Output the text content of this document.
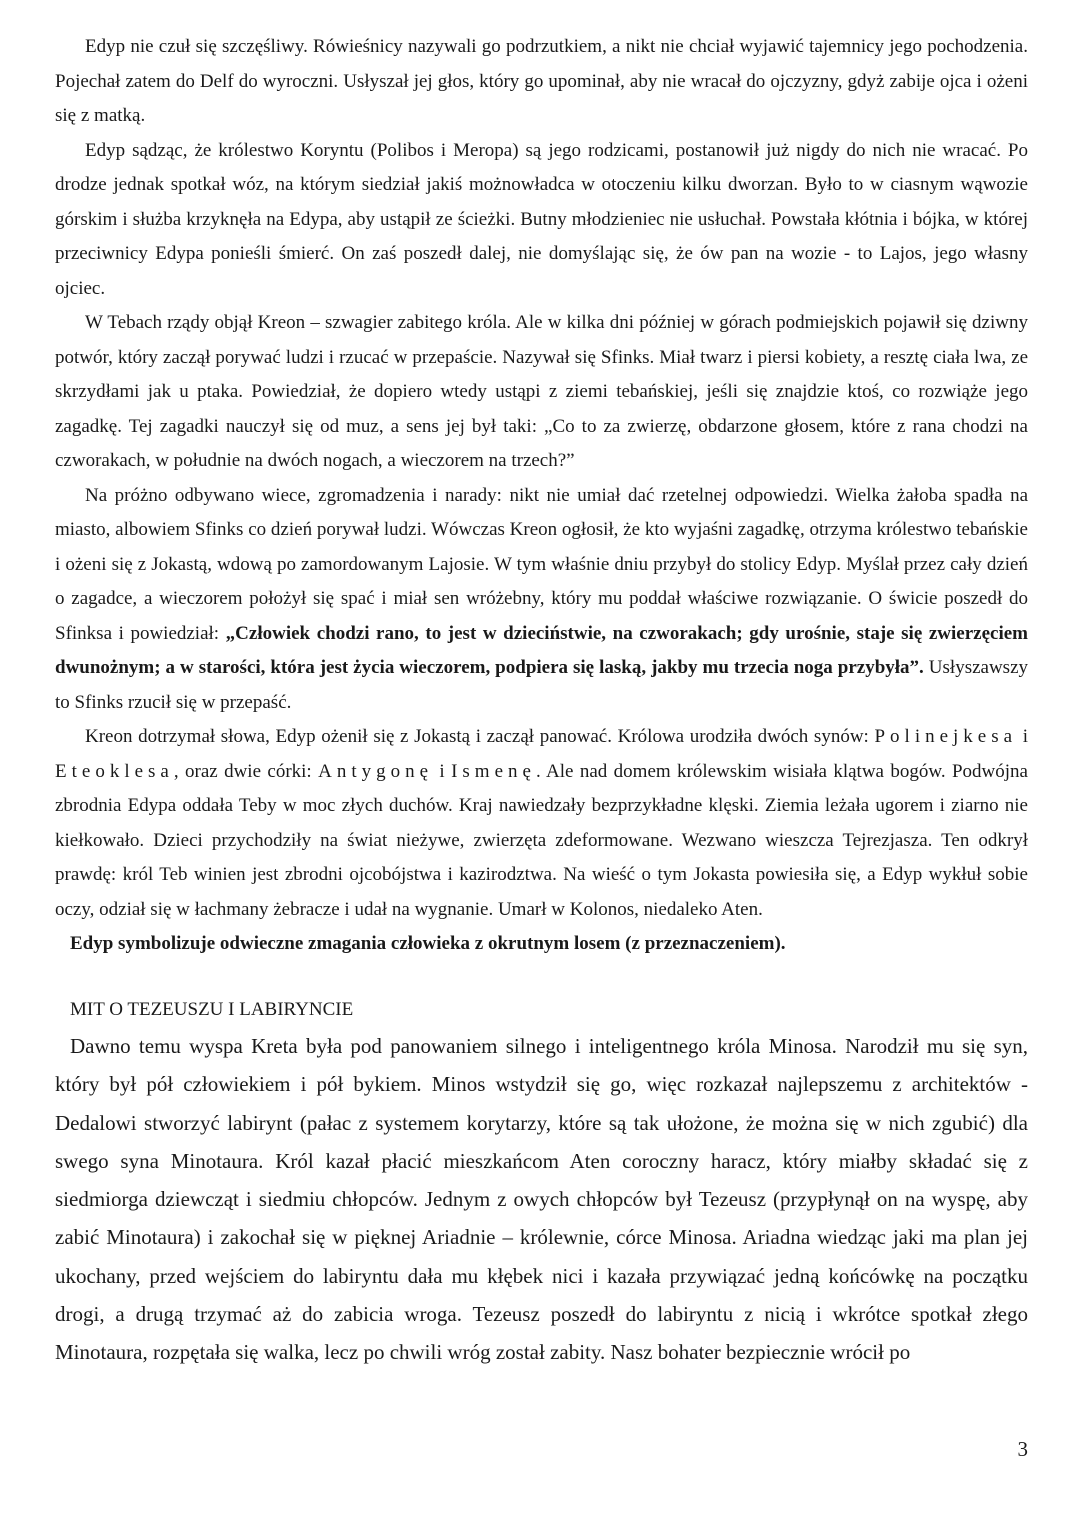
Edyp nie czuł się szczęśliwy. Rówieśnicy nazywali go podrzutkiem, a nikt nie chciał wyjawić tajemnicy jego pochodzenia. Pojechał zatem do Delf do wyroczni. Usłyszał jej głos, który go upominał, aby nie wracał do ojczyzny, gdyż zabije ojca i ożeni się z matką.

Edyp sądząc, że królestwo Koryntu (Polibos i Meropa) są jego rodzicami, postanowił już nigdy do nich nie wracać. Po drodze jednak spotkał wóz, na którym siedział jakiś możnowładca w otoczeniu kilku dworzan. Było to w ciasnym wąwozie górskim i służba krzyknęła na Edypa, aby ustąpił ze ścieżki. Butny młodzieniec nie usłuchał. Powstała kłótnia i bójka, w której przeciwnicy Edypa ponieśli śmierć. On zaś poszedł dalej, nie domyślając się, że ów pan na wozie - to Lajos, jego własny ojciec.

W Tebach rządy objął Kreon – szwagier zabitego króla. Ale w kilka dni później w górach podmiejskich pojawił się dziwny potwór, który zaczął porywać ludzi i rzucać w przepaście. Nazywał się Sfinks. Miał twarz i piersi kobiety, a resztę ciała lwa, ze skrzydłami jak u ptaka. Powiedział, że dopiero wtedy ustąpi z ziemi tebańskiej, jeśli się znajdzie ktoś, co rozwiąże jego zagadkę. Tej zagadki nauczył się od muz, a sens jej był taki: „Co to za zwierzę, obdarzone głosem, które z rana chodzi na czworakach, w południe na dwóch nogach, a wieczorem na trzech?”

Na próżno odbywano wiece, zgromadzenia i narady: nikt nie umiał dać rzetelnej odpowiedzi. Wielka żałoba spadła na miasto, albowiem Sfinks co dzień porywał ludzi. Wówczas Kreon ogłosił, że kto wyjaśni zagadkę, otrzyma królestwo tebańskie i ożeni się z Jokastą, wdową po zamordowanym Lajosie. W tym właśnie dniu przybył do stolicy Edyp. Myślał przez cały dzień o zagadce, a wieczorem położył się spać i miał sen wróżebny, który mu poddał właściwe rozwiązanie. O świcie poszedł do Sfinksa i powiedział: „Człowiek chodzi rano, to jest w dzieciństwie, na czworakach; gdy urośnie, staje się zwierzęciem dwunożnym; a w starości, która jest życia wieczorem, podpiera się laską, jakby mu trzecia noga przybyła”. Usłyszawszy to Sfinks rzucił się w przepaść.

Kreon dotrzymał słowa, Edyp ożenił się z Jokastą i zaczął panować. Królowa urodziła dwóch synów: Polinejkesa i Eteoklesa, oraz dwie córki: Antygonę i Ismenę. Ale nad domem królewskim wisiała klątwa bogów. Podwójna zbrodnia Edypa oddała Teby w moc złych duchów. Kraj nawiedzały bezprzykładne klęski. Ziemia leżała ugorem i ziarno nie kiełkowało. Dzieci przychodziły na świat nieżywe, zwierzęta zdeformowane. Wezwano wieszcza Tejrezjasza. Ten odkrył prawdę: król Teb winien jest zbrodni ojcobójstwa i kazirodztwa. Na wieść o tym Jokasta powiesiła się, a Edyp wykłuł sobie oczy, odział się w łachmany żebracze i udał na wygnanie. Umarł w Kolonos, niedaleko Aten.

Edyp symbolizuje odwieczne zmagania człowieka z okrutnym losem (z przeznaczeniem).

MIT O TEZEUSZU I LABIRYNCIE

Dawno temu wyspa Kreta była pod panowaniem silnego i inteligentnego króla Minosa. Narodził mu się syn, który był pół człowiekiem i pół bykiem. Minos wstydził się go, więc rozkazał najlepszemu z architektów - Dedalowi stworzyć labirynt (pałac z systemem korytarzy, które są tak ułożone, że można się w nich zgubić) dla swego syna Minotaura. Król kazał płacić mieszkańcom Aten coroczny haracz, który miałby składać się z siedmiorga dziewcząt i siedmiu chłopców. Jednym z owych chłopców był Tezeusz (przypłynął on na wyspę, aby zabić Minotaura) i zakochał się w pięknej Ariadnie – królewnie, córce Minosa. Ariadna wiedząc jaki ma plan jej ukochany, przed wejściem do labiryntu dała mu kłębek nici i kazała przywiązać jedną końcówkę na początku drogi, a drugą trzymać aż do zabicia wroga. Tezeusz poszedł do labiryntu z nicią i wkrótce spotkał złego Minotaura, rozpętała się walka, lecz po chwili wróg został zabity. Nasz bohater bezpiecznie wrócił po

3
